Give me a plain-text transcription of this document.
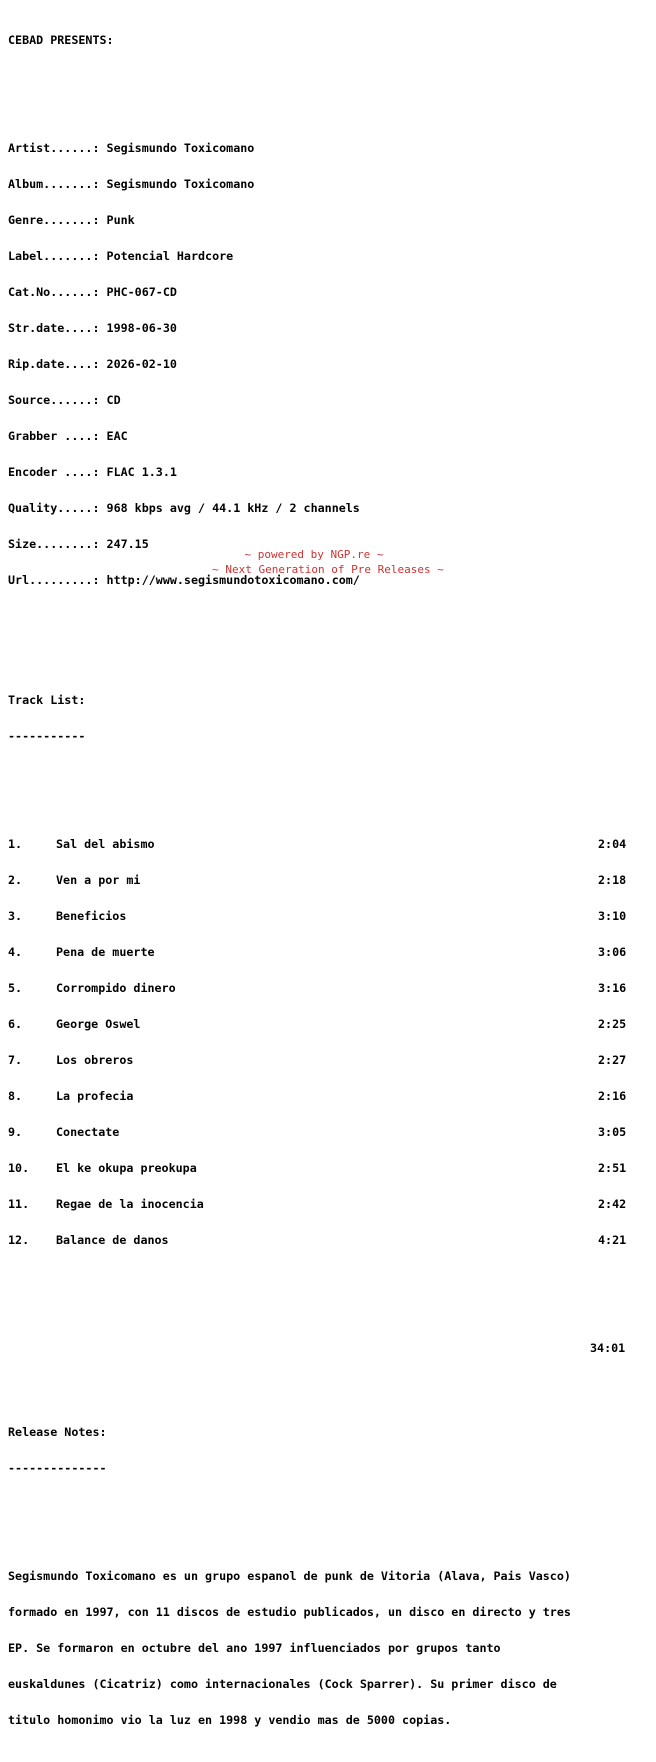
CEBAD PRESENTS:

Artist......: Segismundo Toxicomano

Album.......: Segismundo Toxicomano

Genre.......: Punk

Label.......: Potencial Hardcore

Cat.No......: PHC-067-CD

Str.date....: 1998-06-30

Rip.date....: 2026-02-10

Source......: CD

Grabber ....: EAC

Encoder ....: FLAC 1.3.1

Quality.....: 968 kbps avg / 44.1 kHz / 2 channels

Size........: 247.15

Url.........: http://www.segismundotoxicomano.com/

Track List:

-----------

1.	Sal del abismo	2:04

2.	Ven a por mi	2:18

3.	Beneficios	3:10

4.	Pena de muerte	3:06

5.	Corrompido dinero	3:16

6.	George Oswel	2:25

7.	Los obreros	2:27

8.	La profecia	2:16

9.	Conectate	3:05

10.	El ke okupa preokupa	2:51

11.	Regae de la inocencia	2:42

12.	Balance de danos	4:21

34:01

Release Notes:

--------------

Segismundo Toxicomano es un grupo espanol de punk de Vitoria (Alava, Pais Vasco)

formado en 1997, con 11 discos de estudio publicados, un disco en directo y tres

EP. Se formaron en octubre del ano 1997 influenciados por grupos tanto

euskaldunes (Cicatriz) como internacionales (Cock Sparrer). Su primer disco de

titulo homonimo vio la luz en 1998 y vendio mas de 5000 copias.

~ powered by NGP.re ~
~ Next Generation of Pre Releases ~
